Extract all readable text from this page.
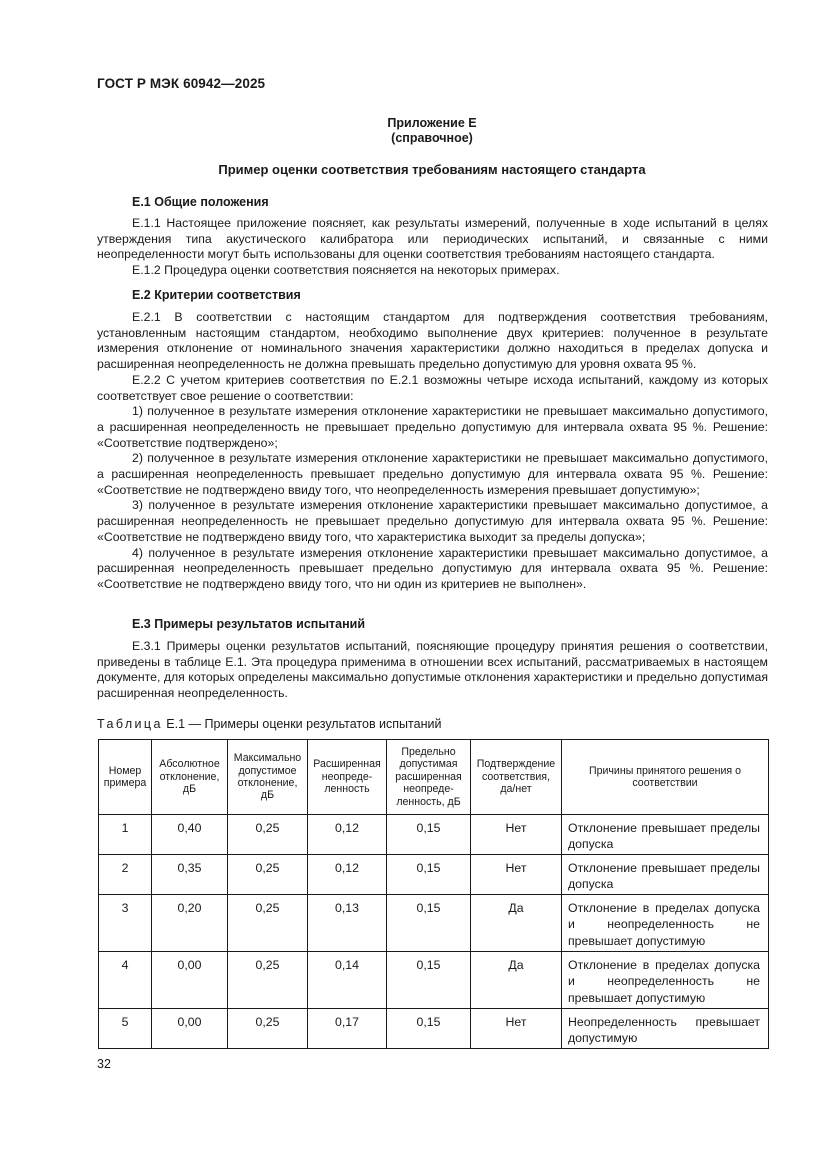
ГОСТ Р МЭК 60942—2025
Приложение Е
(справочное)
Пример оценки соответствия требованиям настоящего стандарта
Е.1 Общие положения

Е.1.1 Настоящее приложение поясняет, как результаты измерений, полученные в ходе испытаний в целях утверждения типа акустического калибратора или периодических испытаний, и связанные с ними неопределенности могут быть использованы для оценки соответствия требованиям настоящего стандарта.

Е.1.2 Процедура оценки соответствия поясняется на некоторых примерах.

Е.2 Критерии соответствия

Е.2.1 В соответствии с настоящим стандартом для подтверждения соответствия требованиям, установленным настоящим стандартом, необходимо выполнение двух критериев: полученное в результате измерения отклонение от номинального значения характеристики должно находиться в пределах допуска и расширенная неопределенность не должна превышать предельно допустимую для уровня охвата 95 %.

Е.2.2 С учетом критериев соответствия по Е.2.1 возможны четыре исхода испытаний, каждому из которых соответствует свое решение о соответствии:

1) полученное в результате измерения отклонение характеристики не превышает максимально допустимого, а расширенная неопределенность не превышает предельно допустимую для интервала охвата 95 %. Решение: «Соответствие подтверждено»;

2) полученное в результате измерения отклонение характеристики не превышает максимально допустимого, а расширенная неопределенность превышает предельно допустимую для интервала охвата 95 %. Решение: «Соответствие не подтверждено ввиду того, что неопределенность измерения превышает допустимую»;

3) полученное в результате измерения отклонение характеристики превышает максимально допустимое, а расширенная неопределенность не превышает предельно допустимую для интервала охвата 95 %. Решение: «Соответствие не подтверждено ввиду того, что характеристика выходит за пределы допуска»;

4) полученное в результате измерения отклонение характеристики превышает максимально допустимое, а расширенная неопределенность превышает предельно допустимую для интервала охвата 95 %. Решение: «Соответствие не подтверждено ввиду того, что ни один из критериев не выполнен».

Е.3 Примеры результатов испытаний

Е.3.1 Примеры оценки результатов испытаний, поясняющие процедуру принятия решения о соответствии, приведены в таблице Е.1. Эта процедура применима в отношении всех испытаний, рассматриваемых в настоящем документе, для которых определены максимально допустимые отклонения характеристики и предельно допустимая расширенная неопределенность.

Таблица Е.1 — Примеры оценки результатов испытаний
Номер примера	Абсолютное отклонение, дБ	Максимально допустимое отклонение, дБ	Расширенная неопреде-ленность	Предельно допустимая расширенная неопреде-ленность, дБ	Подтверждение соответствия, да/нет	Причины принятого решения о соответствии
1	0,40	0,25	0,12	0,15	Нет	Отклонение превышает пределы допуска
2	0,35	0,25	0,12	0,15	Нет	Отклонение превышает пределы допуска
3	0,20	0,25	0,13	0,15	Да	Отклонение в пределах допуска и неопределенность не превышает допустимую
4	0,00	0,25	0,14	0,15	Да	Отклонение в пределах допуска и неопределенность не превышает допустимую
5	0,00	0,25	0,17	0,15	Нет	Неопределенность превышает допустимую
32
